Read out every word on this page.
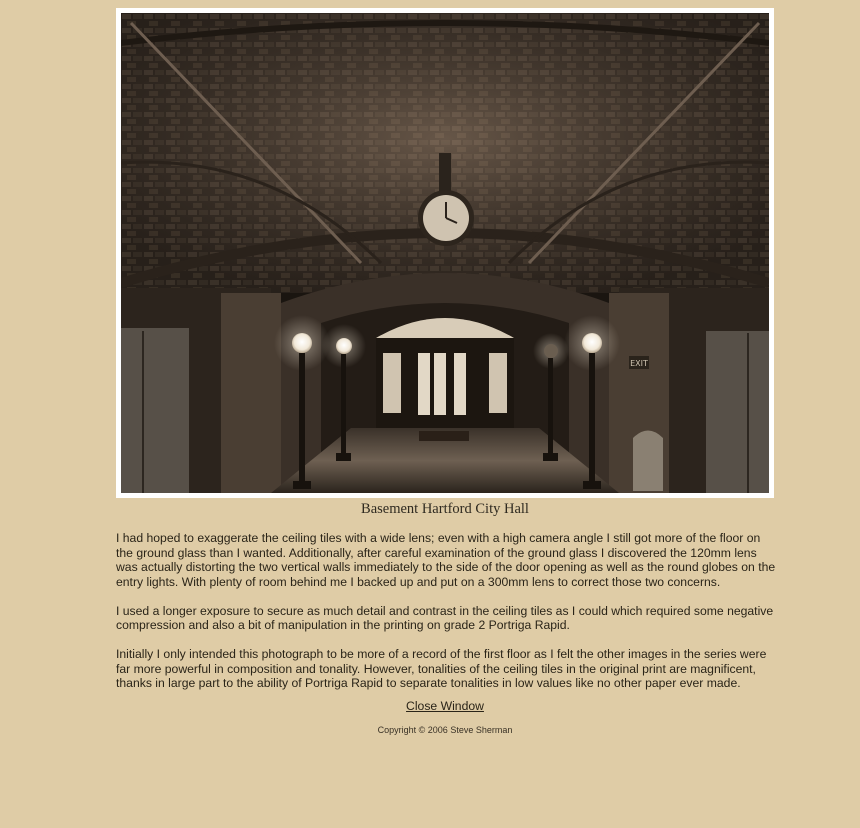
EXIT
Basement Hartford City Hall

I had hoped to exaggerate the ceiling tiles with a wide lens; even with a high camera angle I still got more of the floor on the ground glass than I wanted. Additionally, after careful examination of the ground glass I discovered the 120mm lens was actually distorting the two vertical walls immediately to the side of the door opening as well as the round globes on the entry lights. With plenty of room behind me I backed up and put on a 300mm lens to correct those two concerns.

I used a longer exposure to secure as much detail and contrast in the ceiling tiles as I could which required some negative compression and also a bit of manipulation in the printing on grade 2 Portriga Rapid.

Initially I only intended this photograph to be more of a record of the first floor as I felt the other images in the series were far more powerful in composition and tonality. However, tonalities of the ceiling tiles in the original print are magnificent, thanks in large part to the ability of Portriga Rapid to separate tonalities in low values like no other paper ever made.

Close Window
Copyright © 2006 Steve Sherman
